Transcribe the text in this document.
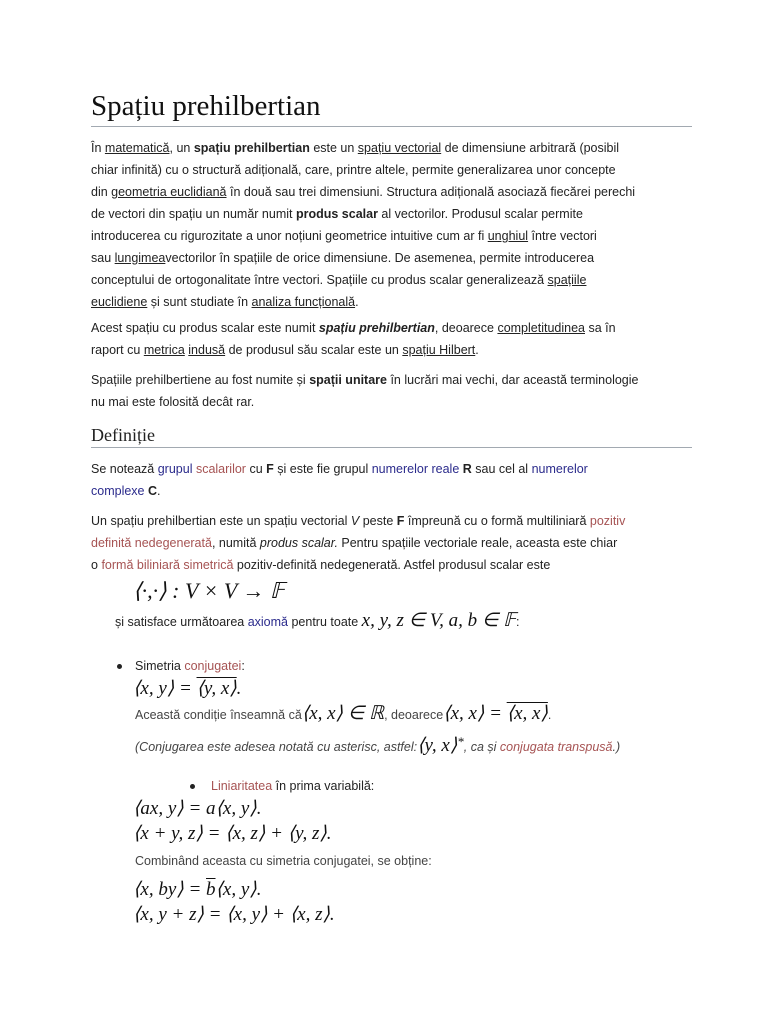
Spațiu prehilbertian

În matematică, un spațiu prehilbertian este un spațiu vectorial de dimensiune arbitrară (posibil
chiar infinită) cu o structură adițională, care, printre altele, permite generalizarea unor concepte
din geometria euclidiană în două sau trei dimensiuni. Structura adițională asociază fiecărei perechi
de vectori din spațiu un număr numit produs scalar al vectorilor. Produsul scalar permite
introducerea cu rigurozitate a unor noțiuni geometrice intuitive cum ar fi unghiul între vectori
sau lungimeavectorilor în spațiile de orice dimensiune. De asemenea, permite introducerea
conceptului de ortogonalitate între vectori. Spațiile cu produs scalar generalizează spațiile
euclidiene și sunt studiate în analiza funcțională.

Acest spațiu cu produs scalar este numit spațiu prehilbertian, deoarece completitudinea sa în
raport cu metrica indusă de produsul său scalar este un spațiu Hilbert.

Spațiile prehilbertiene au fost numite și spații unitare în lucrări mai vechi, dar această terminologie
nu mai este folosită decât rar.

Definiție

Se notează grupul scalarilor cu F și este fie grupul numerelor reale R sau cel al numerelor
complexe C.

Un spațiu prehilbertian este un spațiu vectorial V peste F împreună cu o formă multiliniară pozitiv
definită nedegenerată, numită produs scalar. Pentru spațiile vectoriale reale, aceasta este chiar
o formă biliniară simetrică pozitiv-definită nedegenerată. Astfel produsul scalar este

⟨·,·⟩ : V × V → 𝔽
și satisface următoarea axiomă pentru toate x, y, z ∈ V, a, b ∈ 𝔽:
Simetria conjugatei:
⟨x, y⟩ = ⟨y, x⟩.
Această condiție înseamnă că⟨x, x⟩ ∈ ℝ, deoarece⟨x, x⟩ = ⟨x, x⟩.
(Conjugarea este adesea notată cu asterisc, astfel:⟨y, x⟩*, ca și conjugata transpusă.)
Liniaritatea în prima variabilă:
⟨ax, y⟩ = a⟨x, y⟩.
⟨x + y, z⟩ = ⟨x, z⟩ + ⟨y, z⟩.
Combinând aceasta cu simetria conjugatei, se obține:
⟨x, by⟩ = $\overline{b}⟨x$, y⟩.
⟨x, y + z⟩ = ⟨x, y⟩ + ⟨x, z⟩.
